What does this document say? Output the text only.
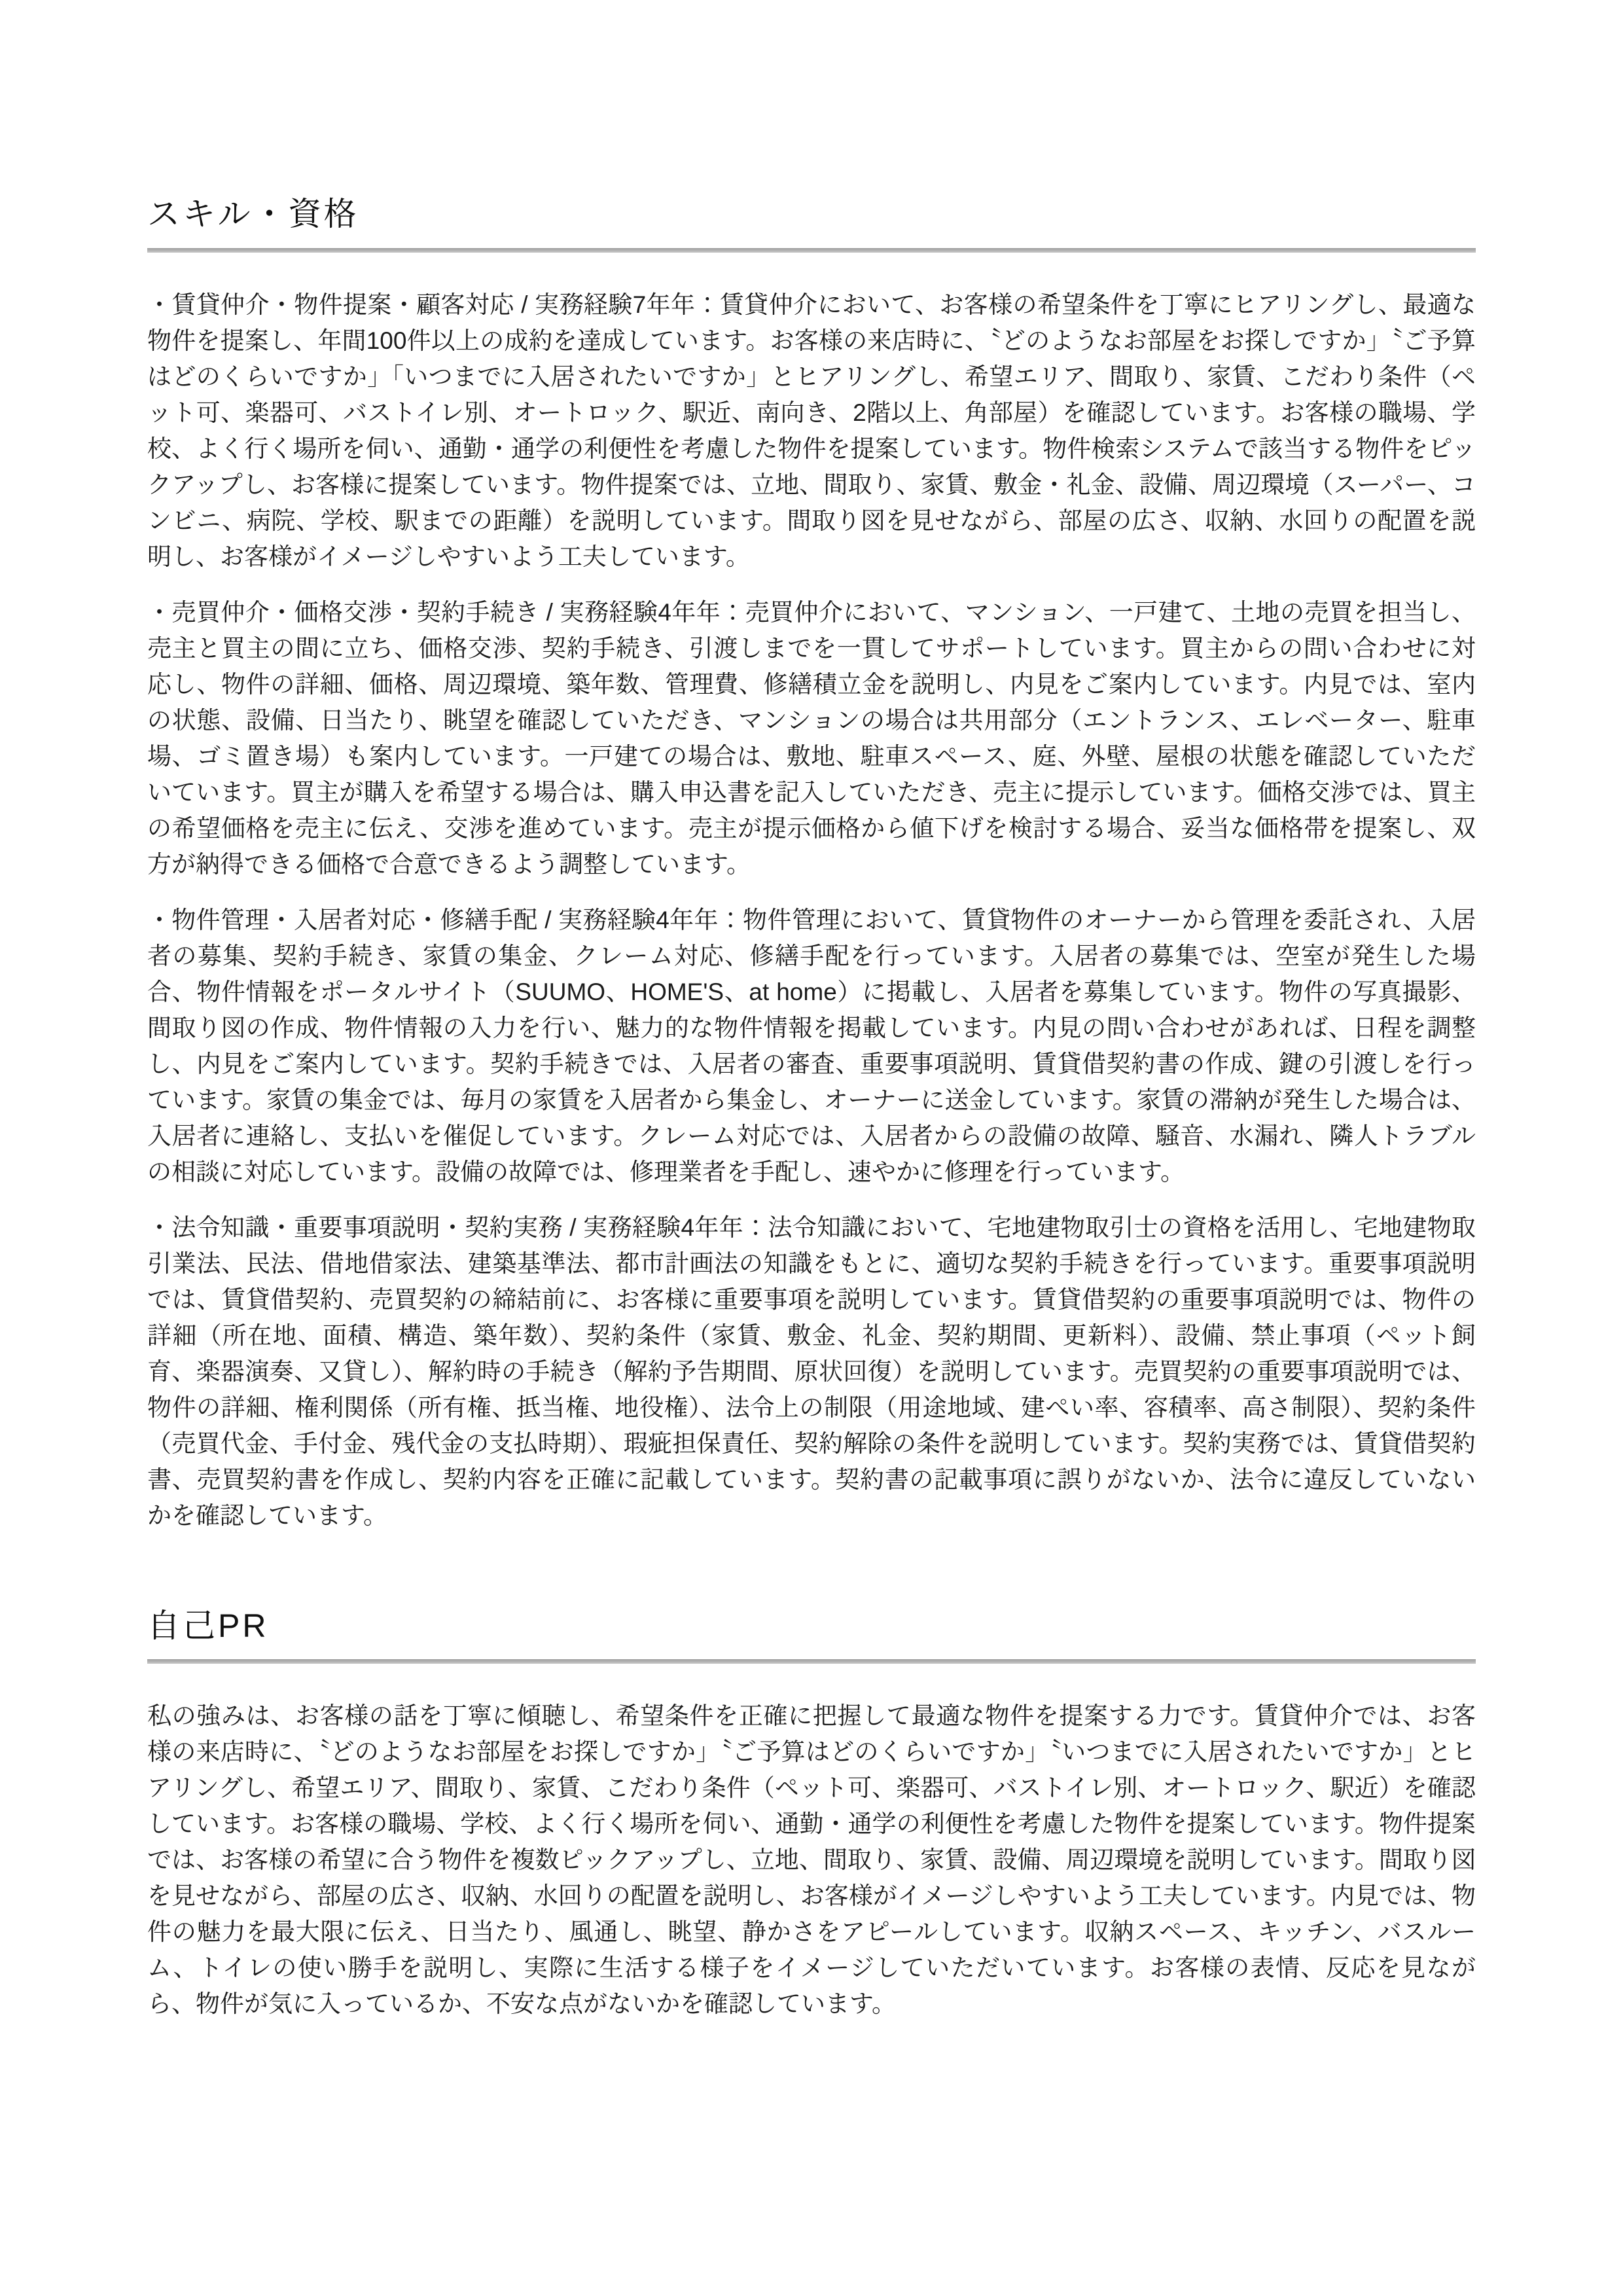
スキル・資格

・賃貸仲介・物件提案・顧客対応 / 実務経験7年年：賃貸仲介において、お客様の希望条件を丁寧にヒアリングし、最適な物件を提案し、年間100件以上の成約を達成しています。お客様の来店時に、〝どのようなお部屋をお探しですか」〝ご予算はどのくらいですか」「いつまでに入居されたいですか」とヒアリングし、希望エリア、間取り、家賃、こだわり条件（ペット可、楽器可、バストイレ別、オートロック、駅近、南向き、2階以上、角部屋）を確認しています。お客様の職場、学校、よく行く場所を伺い、通勤・通学の利便性を考慮した物件を提案しています。物件検索システムで該当する物件をピックアップし、お客様に提案しています。物件提案では、立地、間取り、家賃、敷金・礼金、設備、周辺環境（スーパー、コンビニ、病院、学校、駅までの距離）を説明しています。間取り図を見せながら、部屋の広さ、収納、水回りの配置を説明し、お客様がイメージしやすいよう工夫しています。

・売買仲介・価格交渉・契約手続き / 実務経験4年年：売買仲介において、マンション、一戸建て、土地の売買を担当し、売主と買主の間に立ち、価格交渉、契約手続き、引渡しまでを一貫してサポートしています。買主からの問い合わせに対応し、物件の詳細、価格、周辺環境、築年数、管理費、修繕積立金を説明し、内見をご案内しています。内見では、室内の状態、設備、日当たり、眺望を確認していただき、マンションの場合は共用部分（エントランス、エレベーター、駐車場、ゴミ置き場）も案内しています。一戸建ての場合は、敷地、駐車スペース、庭、外壁、屋根の状態を確認していただいています。買主が購入を希望する場合は、購入申込書を記入していただき、売主に提示しています。価格交渉では、買主の希望価格を売主に伝え、交渉を進めています。売主が提示価格から値下げを検討する場合、妥当な価格帯を提案し、双方が納得できる価格で合意できるよう調整しています。

・物件管理・入居者対応・修繕手配 / 実務経験4年年：物件管理において、賃貸物件のオーナーから管理を委託され、入居者の募集、契約手続き、家賃の集金、クレーム対応、修繕手配を行っています。入居者の募集では、空室が発生した場合、物件情報をポータルサイト（SUUMO、HOME'S、at home）に掲載し、入居者を募集しています。物件の写真撮影、間取り図の作成、物件情報の入力を行い、魅力的な物件情報を掲載しています。内見の問い合わせがあれば、日程を調整し、内見をご案内しています。契約手続きでは、入居者の審査、重要事項説明、賃貸借契約書の作成、鍵の引渡しを行っています。家賃の集金では、毎月の家賃を入居者から集金し、オーナーに送金しています。家賃の滞納が発生した場合は、入居者に連絡し、支払いを催促しています。クレーム対応では、入居者からの設備の故障、騒音、水漏れ、隣人トラブルの相談に対応しています。設備の故障では、修理業者を手配し、速やかに修理を行っています。

・法令知識・重要事項説明・契約実務 / 実務経験4年年：法令知識において、宅地建物取引士の資格を活用し、宅地建物取引業法、民法、借地借家法、建築基準法、都市計画法の知識をもとに、適切な契約手続きを行っています。重要事項説明では、賃貸借契約、売買契約の締結前に、お客様に重要事項を説明しています。賃貸借契約の重要事項説明では、物件の詳細（所在地、面積、構造、築年数）、契約条件（家賃、敷金、礼金、契約期間、更新料）、設備、禁止事項（ペット飼育、楽器演奏、又貸し）、解約時の手続き（解約予告期間、原状回復）を説明しています。売買契約の重要事項説明では、物件の詳細、権利関係（所有権、抵当権、地役権）、法令上の制限（用途地域、建ぺい率、容積率、高さ制限）、契約条件（売買代金、手付金、残代金の支払時期）、瑕疵担保責任、契約解除の条件を説明しています。契約実務では、賃貸借契約書、売買契約書を作成し、契約内容を正確に記載しています。契約書の記載事項に誤りがないか、法令に違反していないかを確認しています。

自己PR

私の強みは、お客様の話を丁寧に傾聴し、希望条件を正確に把握して最適な物件を提案する力です。賃貸仲介では、お客様の来店時に、〝どのようなお部屋をお探しですか」〝ご予算はどのくらいですか」〝いつまでに入居されたいですか」とヒアリングし、希望エリア、間取り、家賃、こだわり条件（ペット可、楽器可、バストイレ別、オートロック、駅近）を確認しています。お客様の職場、学校、よく行く場所を伺い、通勤・通学の利便性を考慮した物件を提案しています。物件提案では、お客様の希望に合う物件を複数ピックアップし、立地、間取り、家賃、設備、周辺環境を説明しています。間取り図を見せながら、部屋の広さ、収納、水回りの配置を説明し、お客様がイメージしやすいよう工夫しています。内見では、物件の魅力を最大限に伝え、日当たり、風通し、眺望、静かさをアピールしています。収納スペース、キッチン、バスルーム、トイレの使い勝手を説明し、実際に生活する様子をイメージしていただいています。お客様の表情、反応を見ながら、物件が気に入っているか、不安な点がないかを確認しています。
